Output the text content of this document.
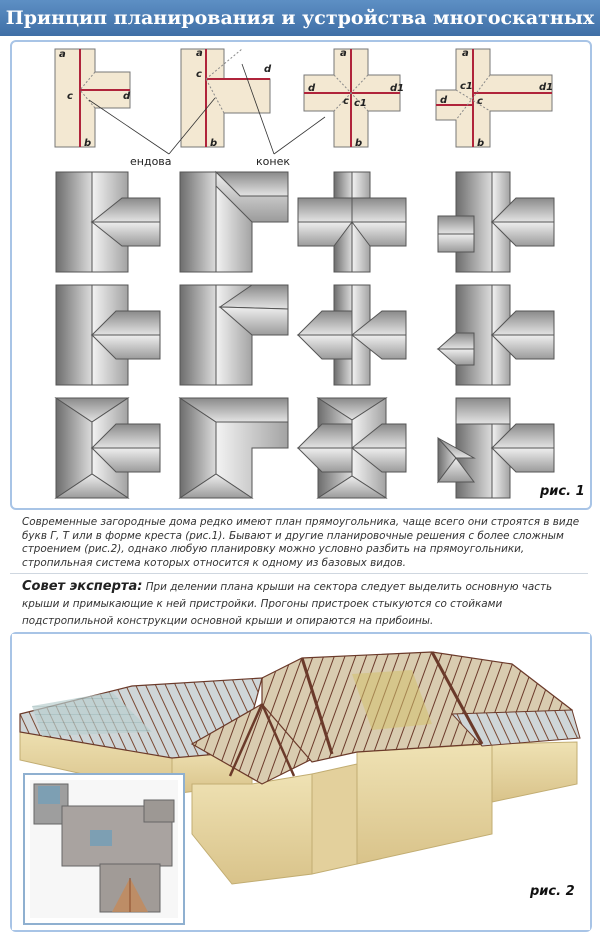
Принцип планирования и устройства многоскатных
a
b
c	d
a
b
c	d
a
b
d
c c1
d1
a
b
d
c1
c
d1
ендова	конек
рис. 1
Современные загородные дома редко имеют план прямоугольника, чаще всего они строятся в виде букв Г, Т или в форме креста (рис.1). Бывают и другие планировочные решения с более сложным строением (рис.2), однако любую планировку можно условно разбить на прямоугольники, стропильная система которых относится к одному из базовых видов.
Совет эксперта: При делении плана крыши на сектора следует выделить основную часть крыши и примыкающие к ней пристройки. Прогоны пристроек стыкуются со стойками подстропильной конструкции основной крыши и опираются на прибоины.
рис. 2
